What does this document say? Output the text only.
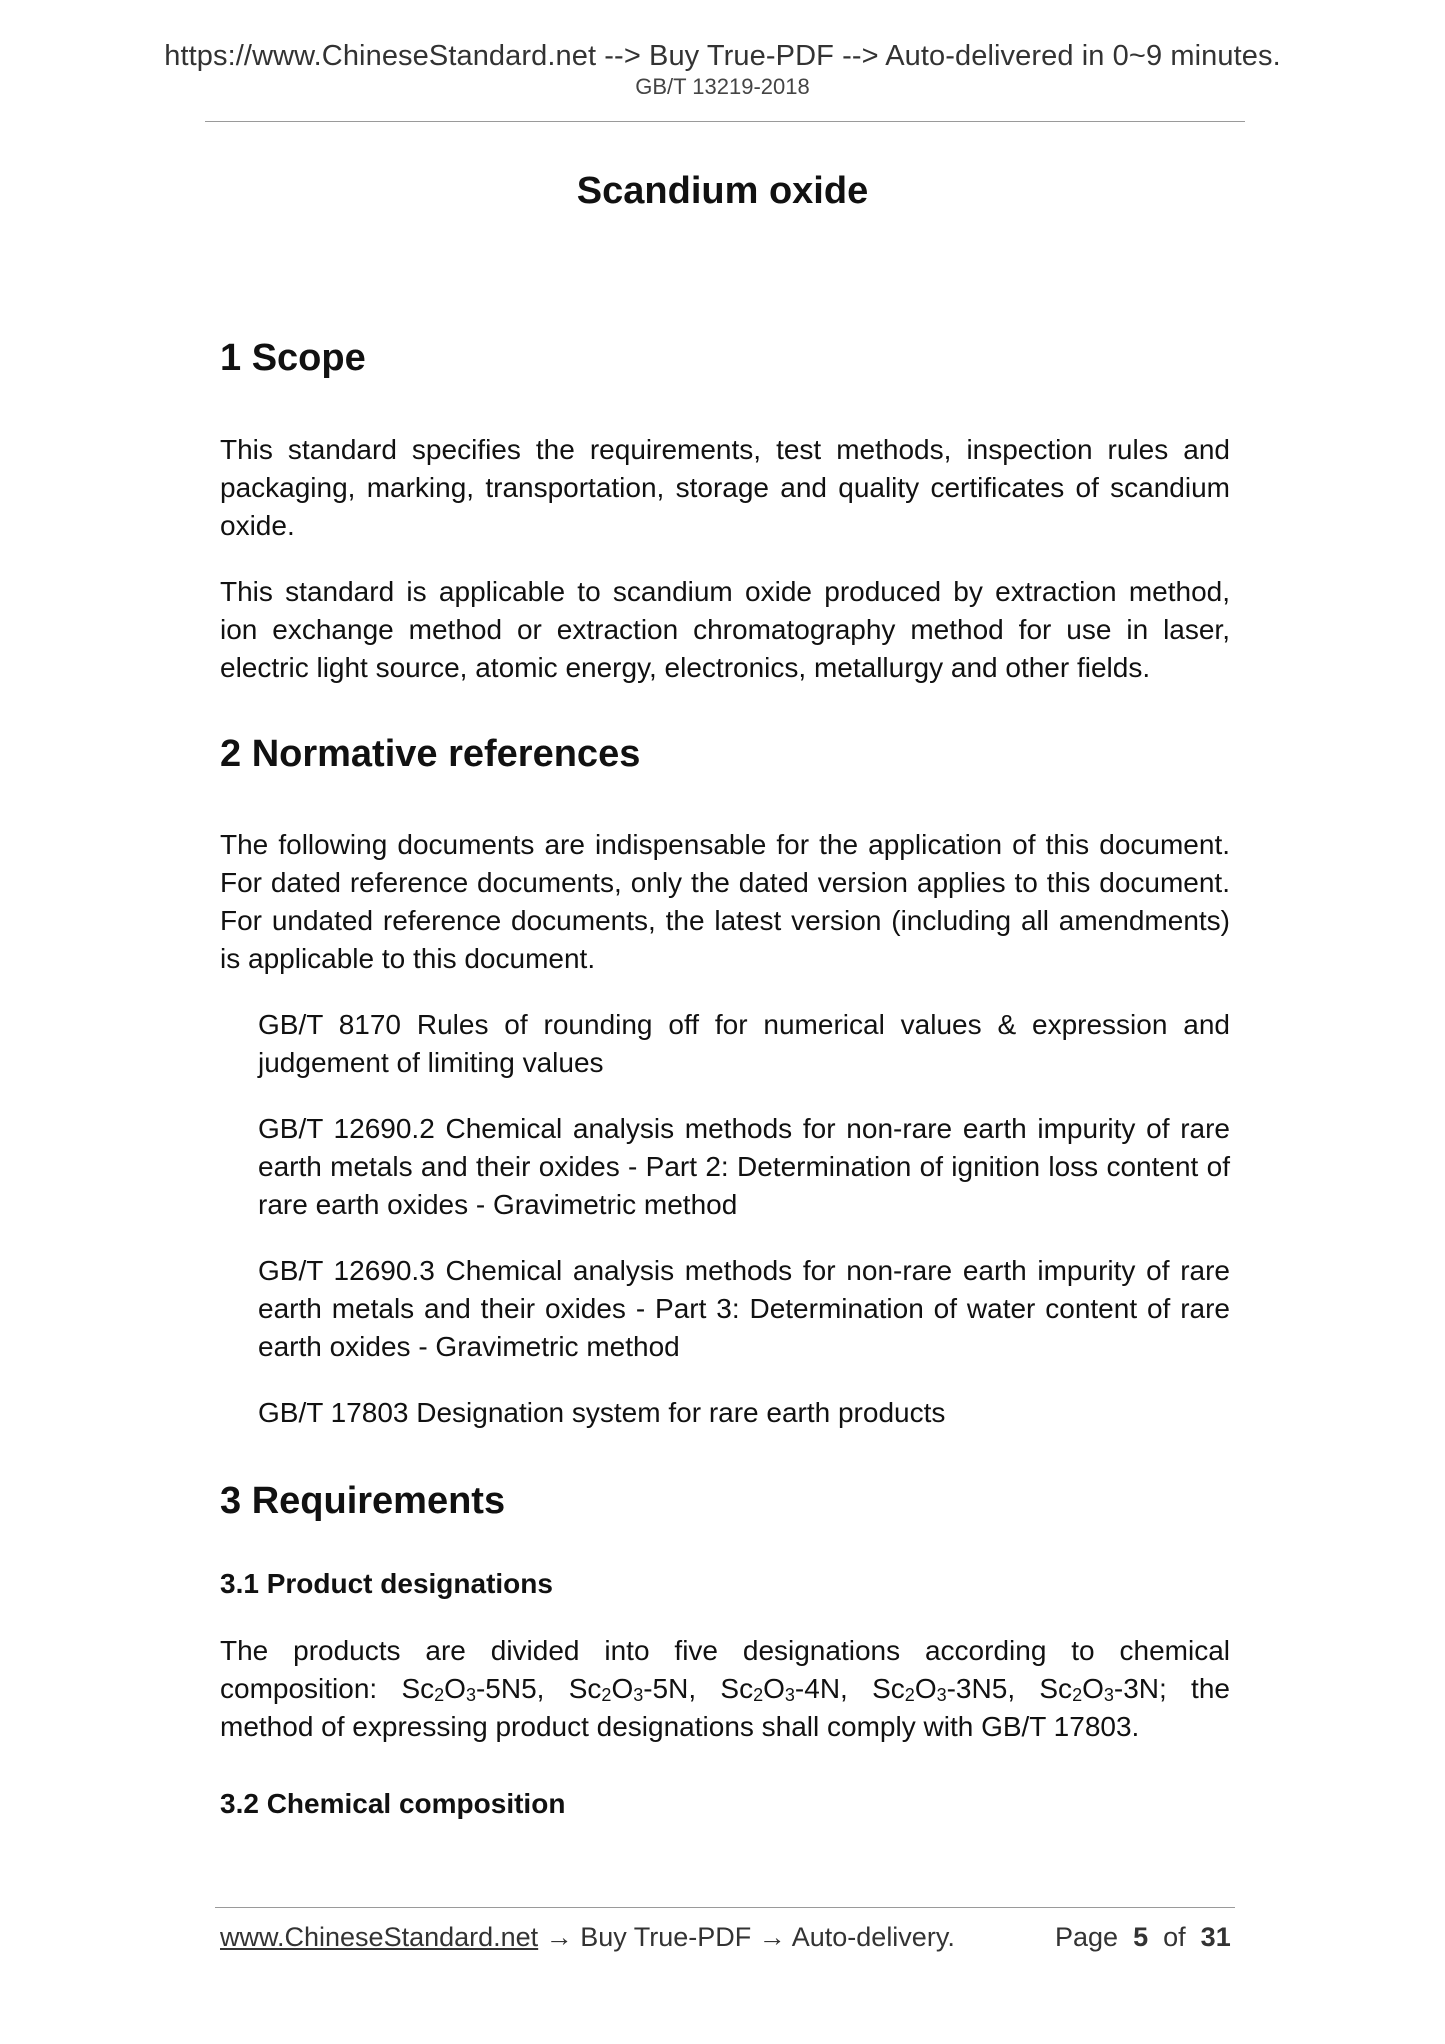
https://www.ChineseStandard.net --> Buy True-PDF --> Auto-delivered in 0~9 minutes.
GB/T 13219-2018
Scandium oxide
1 Scope

This standard specifies the requirements, test methods, inspection rules and packaging, marking, transportation, storage and quality certificates of scandium oxide.

This standard is applicable to scandium oxide produced by extraction method, ion exchange method or extraction chromatography method for use in laser, electric light source, atomic energy, electronics, metallurgy and other fields.

2 Normative references

The following documents are indispensable for the application of this document. For dated reference documents, only the dated version applies to this document. For undated reference documents, the latest version (including all amendments) is applicable to this document.

GB/T 8170 Rules of rounding off for numerical values & expression and judgement of limiting values

GB/T 12690.2 Chemical analysis methods for non-rare earth impurity of rare earth metals and their oxides - Part 2: Determination of ignition loss content of rare earth oxides - Gravimetric method

GB/T 12690.3 Chemical analysis methods for non-rare earth impurity of rare earth metals and their oxides - Part 3: Determination of water content of rare earth oxides - Gravimetric method

GB/T 17803 Designation system for rare earth products

3 Requirements
3.1 Product designations

The products are divided into five designations according to chemical composition: $Sc_2O_3-5N5$, $Sc_2O_3-5N$, $Sc_2O_3-4N$, $Sc_2O_3-3N5$, $Sc_2O_3-3N$; the method of expressing product designations shall comply with GB/T 17803.

3.2 Chemical composition
www.ChineseStandard.net → Buy True-PDF → Auto-delivery.	Page 5 of 31
